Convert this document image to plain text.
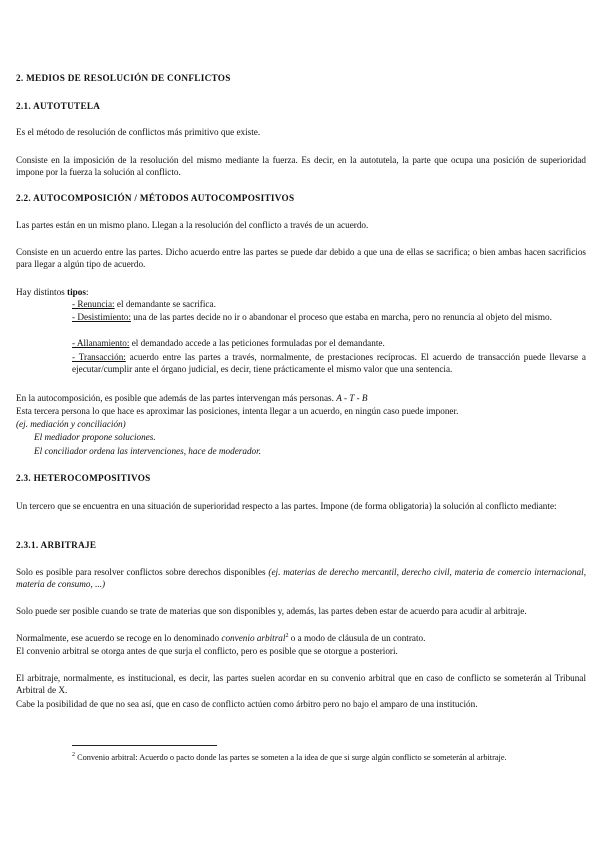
2. MEDIOS DE RESOLUCIÓN DE CONFLICTOS

2.1. AUTOTUTELA

Es el método de resolución de conflictos más primitivo que existe.

Consiste en la imposición de la resolución del mismo mediante la fuerza. Es decir, en la autotutela, la parte que ocupa una posición de superioridad impone por la fuerza la solución al conflicto.

2.2. AUTOCOMPOSICIÓN / MÉTODOS AUTOCOMPOSITIVOS

Las partes están en un mismo plano. Llegan a la resolución del conflicto a través de un acuerdo.

Consiste en un acuerdo entre las partes. Dicho acuerdo entre las partes se puede dar debido a que una de ellas se sacrifica; o bien ambas hacen sacrificios para llegar a algún tipo de acuerdo.

Hay distintos tipos:

- Renuncia: el demandante se sacrifica.

- Desistimiento: una de las partes decide no ir o abandonar el proceso que estaba en marcha, pero no renuncia al objeto del mismo.

- Allanamiento: el demandado accede a las peticiones formuladas por el demandante.

- Transacción: acuerdo entre las partes a través, normalmente, de prestaciones recíprocas. El acuerdo de transacción puede llevarse a ejecutar/cumplir ante el órgano judicial, es decir, tiene prácticamente el mismo valor que una sentencia.

En la autocomposición, es posible que además de las partes intervengan más personas. A - T - B

Esta tercera persona lo que hace es aproximar las posiciones, intenta llegar a un acuerdo, en ningún caso puede imponer.

(ej. mediación y conciliación)

El mediador propone soluciones.

El conciliador ordena las intervenciones, hace de moderador.

2.3. HETEROCOMPOSITIVOS

Un tercero que se encuentra en una situación de superioridad respecto a las partes. Impone (de forma obligatoria) la solución al conflicto mediante:

2.3.1. ARBITRAJE

Solo es posible para resolver conflictos sobre derechos disponibles (ej. materias de derecho mercantil, derecho civil, materia de comercio internacional, materia de consumo, ...)

Solo puede ser posible cuando se trate de materias que son disponibles y, además, las partes deben estar de acuerdo para acudir al arbitraje.

Normalmente, ese acuerdo se recoge en lo denominado convenio arbitral$^2$ o a modo de cláusula de un contrato.

El convenio arbitral se otorga antes de que surja el conflicto, pero es posible que se otorgue a posteriori.

El arbitraje, normalmente, es institucional, es decir, las partes suelen acordar en su convenio arbitral que en caso de conflicto se someterán al Tribunal Arbitral de X.

Cabe la posibilidad de que no sea así, que en caso de conflicto actúen como árbitro pero no bajo el amparo de una institución.

$^2$ Convenio arbitral: Acuerdo o pacto donde las partes se someten a la idea de que si surge algún conflicto se someterán al arbitraje.
